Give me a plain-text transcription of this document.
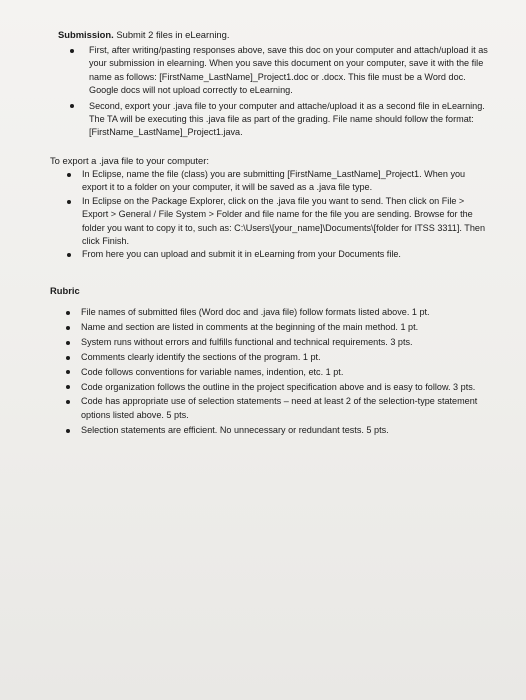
Submission. Submit 2 files in eLearning.
First, after writing/pasting responses above, save this doc on your computer and attach/upload it as your submission in elearning. When you save this document on your computer, save it with the file name as follows: [FirstName_LastName]_Project1.doc or .docx. This file must be a Word doc. Google docs will not upload correctly to eLearning.
Second, export your .java file to your computer and attache/upload it as a second file in eLearning. The TA will be executing this .java file as part of the grading. File name should follow the format: [FirstName_LastName]_Project1.java.
To export a .java file to your computer:
In Eclipse, name the file (class) you are submitting [FirstName_LastName]_Project1. When you export it to a folder on your computer, it will be saved as a .java file type.
In Eclipse on the Package Explorer, click on the .java file you want to send. Then click on File > Export > General / File System > Folder and file name for the file you are sending. Browse for the folder you want to copy it to, such as: C:\Users\[your_name]\Documents\[folder for ITSS 3311]. Then click Finish.
From here you can upload and submit it in eLearning from your Documents file.
Rubric
File names of submitted files (Word doc and .java file) follow formats listed above. 1 pt.
Name and section are listed in comments at the beginning of the main method. 1 pt.
System runs without errors and fulfills functional and technical requirements. 3 pts.
Comments clearly identify the sections of the program. 1 pt.
Code follows conventions for variable names, indention, etc. 1 pt.
Code organization follows the outline in the project specification above and is easy to follow. 3 pts.
Code has appropriate use of selection statements – need at least 2 of the selection-type statement options listed above. 5 pts.
Selection statements are efficient. No unnecessary or redundant tests. 5 pts.
